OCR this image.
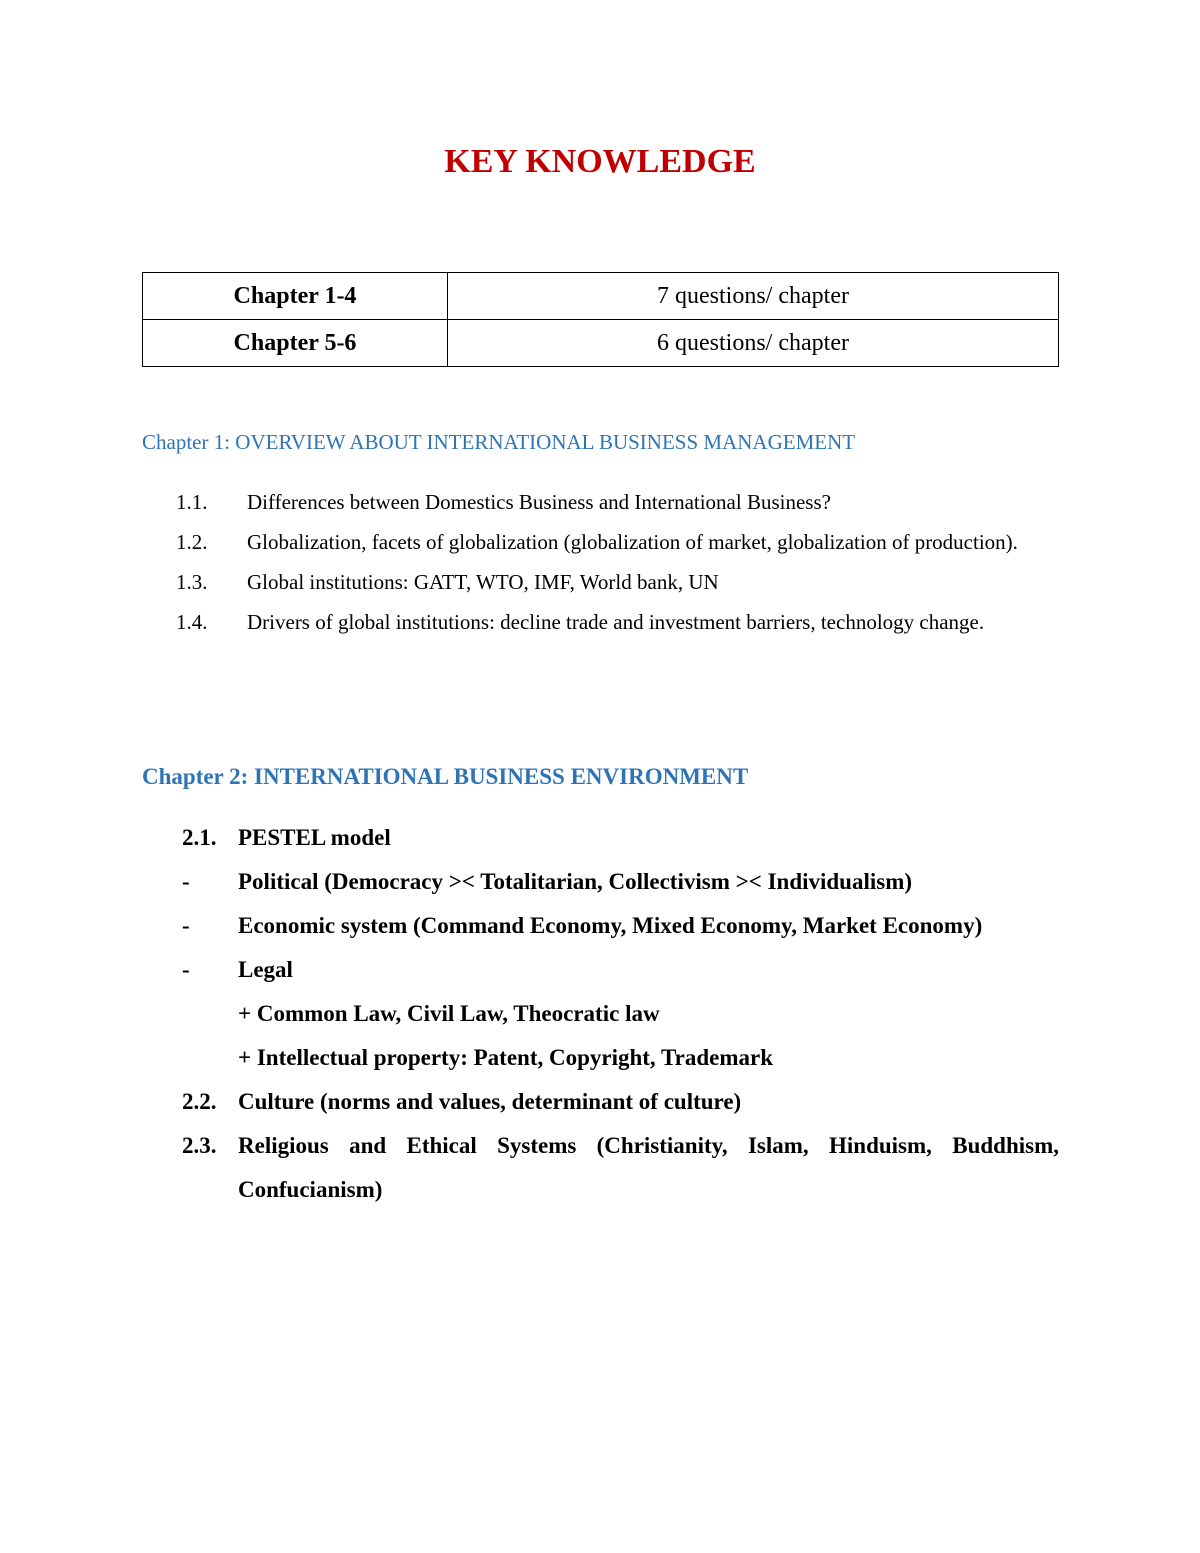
KEY KNOWLEDGE
Chapter 1-4	7 questions/ chapter
Chapter 5-6	6 questions/ chapter
Chapter 1: OVERVIEW ABOUT INTERNATIONAL BUSINESS MANAGEMENT
1.1. Differences between Domestics Business and International Business?
1.2. Globalization, facets of globalization (globalization of market, globalization of production).
1.3. Global institutions: GATT, WTO, IMF, World bank, UN
1.4. Drivers of global institutions: decline trade and investment barriers, technology change.
Chapter 2: INTERNATIONAL BUSINESS ENVIRONMENT
2.1. PESTEL model
- Political (Democracy >< Totalitarian, Collectivism >< Individualism)
- Economic system (Command Economy, Mixed Economy, Market Economy)
- Legal
+ Common Law, Civil Law, Theocratic law
+ Intellectual property: Patent, Copyright, Trademark
2.2. Culture (norms and values, determinant of culture)
2.3. Religious and Ethical Systems (Christianity, Islam, Hinduism, Buddhism, Confucianism)
